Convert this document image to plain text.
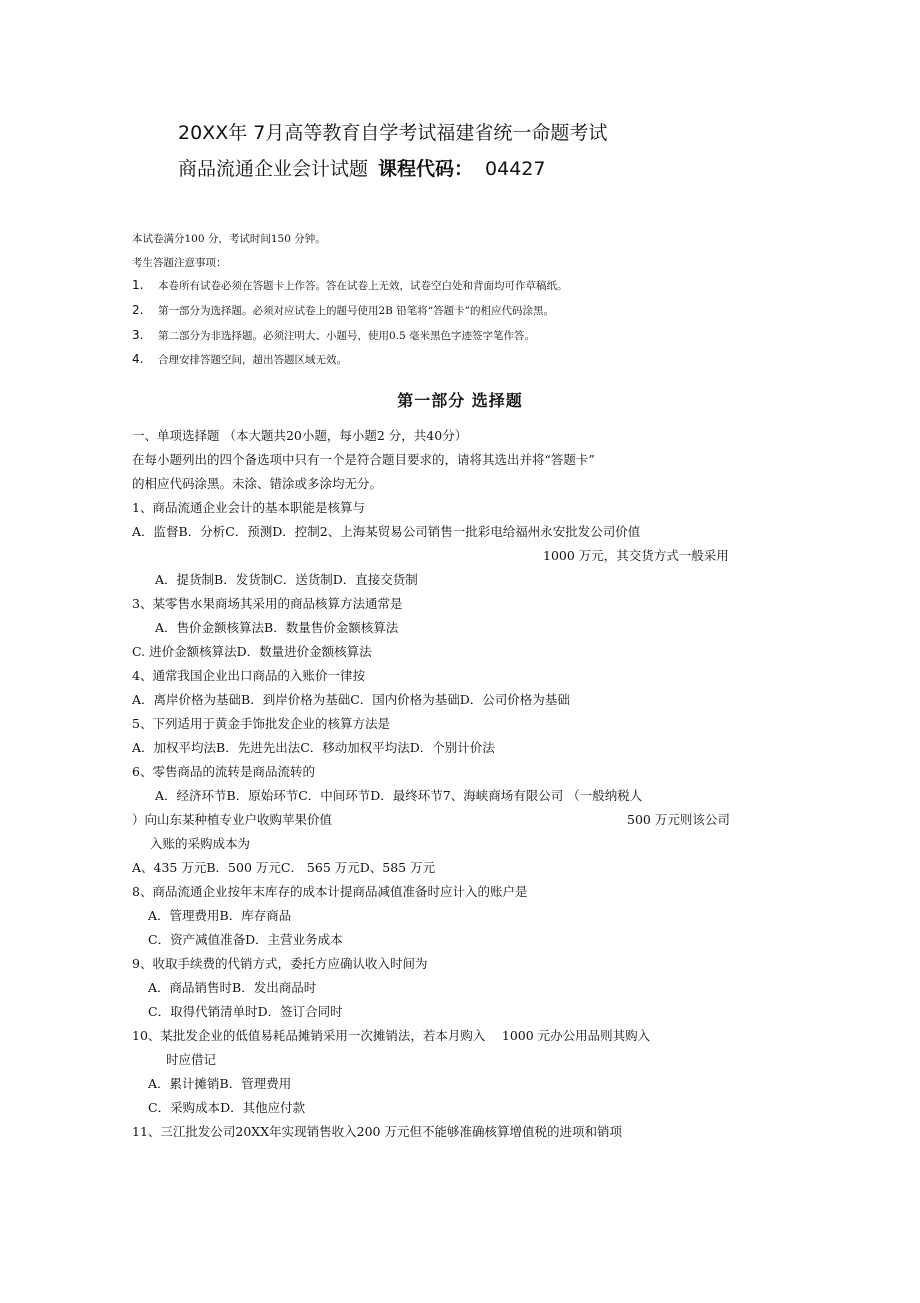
20XX年 7月高等教育自学考试福建省统一命题考试
商品流通企业会计试题 课程代码： 04427
本试卷满分100 分，考试时间150 分钟。
考生答题注意事项：
1. 本卷所有试卷必须在答题卡上作答。答在试卷上无效，试卷空白处和背面均可作草稿纸。
2. 第一部分为选择题。必须对应试卷上的题号使用2B 铅笔将“答题卡”的相应代码涂黑。
3. 第二部分为非选择题。必须注明大、小题号，使用0.5 毫米黑色字迹签字笔作答。
4. 合理安排答题空间，超出答题区域无效。
第一部分 选择题
一、单项选择题 （本大题共20小题，每小题2 分，共40分）
在每小题列出的四个备选项中只有一个是符合题目要求的，请将其选出并将“答题卡”
的相应代码涂黑。未涂、错涂或多涂均无分。
1、商品流通企业会计的基本职能是核算与
A．监督B．分析C．预测D．控制2、上海某贸易公司销售一批彩电给福州永安批发公司价值
1000 万元，其交货方式一般采用
A．提货制B．发货制C．送货制D．直接交货制
3、某零售水果商场其采用的商品核算方法通常是
A．售价金额核算法B．数量售价金额核算法
C. 进价金额核算法D．数量进价金额核算法
4、通常我国企业出口商品的入账价一律按
A．离岸价格为基础B．到岸价格为基础C．国内价格为基础D．公司价格为基础
5、下列适用于黄金手饰批发企业的核算方法是
A．加权平均法B．先进先出法C．移动加权平均法D．个别计价法
6、零售商品的流转是商品流转的
A．经济环节B．原始环节C．中间环节D．最终环节7、海峡商场有限公司 （一般纳税人
）向山东某种植专业户收购苹果价值	500 万元则该公司
入账的采购成本为
A、435 万元B．500 万元C． 565 万元D、585 万元
8、商品流通企业按年末库存的成本计提商品减值准备时应计入的账户是
A．管理费用B．库存商品
C．资产减值准备D．主营业务成本
9、收取手续费的代销方式，委托方应确认收入时间为
A．商品销售时B．发出商品时
C．取得代销清单时D．签订合同时
10、某批发企业的低值易耗品摊销采用一次摊销法，若本月购入　 1000 元办公用品则其购入
时应借记
A．累计摊销B．管理费用
C．采购成本D．其他应付款
11、三江批发公司20XX年实现销售收入200 万元但不能够准确核算增值税的进项和销项
